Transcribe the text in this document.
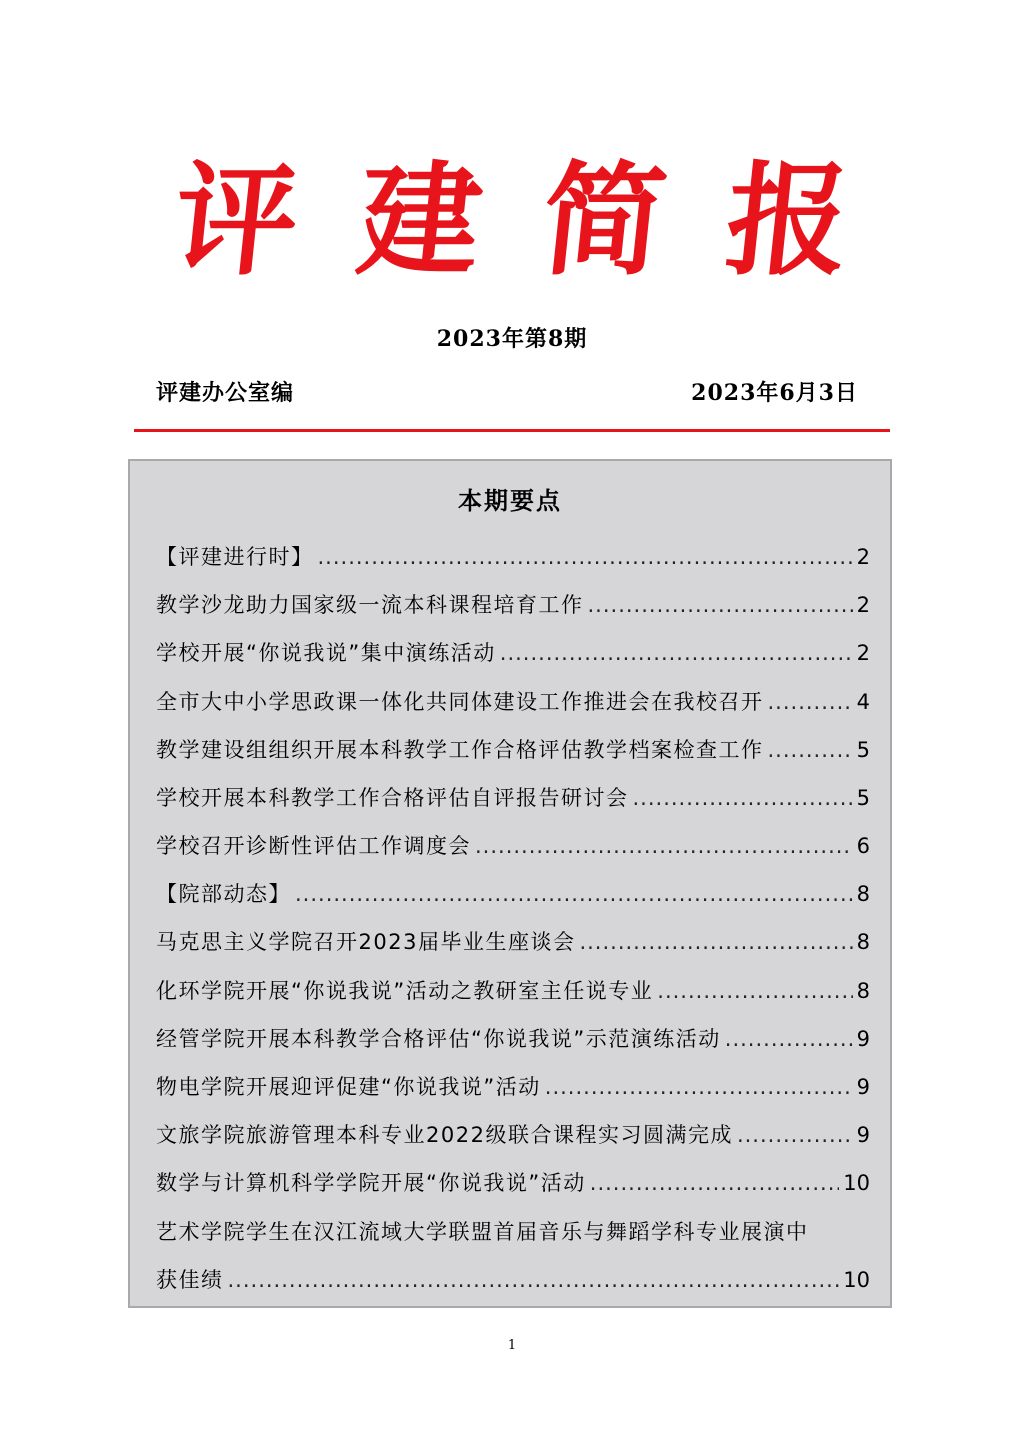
评 建 简 报
2023年第8期
评建办公室编	2023年6月3日
本期要点
【评建进行时】 .....	2
教学沙龙助力国家级一流本科课程培育工作 .....	2
学校开展“你说我说”集中演练活动 .....	2
全市大中小学思政课一体化共同体建设工作推进会在我校召开 .....	4
教学建设组组织开展本科教学工作合格评估教学档案检查工作 .....	5
学校开展本科教学工作合格评估自评报告研讨会 .....	5
学校召开诊断性评估工作调度会 .....	6
【院部动态】 .....	8
马克思主义学院召开2023届毕业生座谈会 .....	8
化环学院开展“你说我说”活动之教研室主任说专业 .....	8
经管学院开展本科教学合格评估“你说我说”示范演练活动 .....	9
物电学院开展迎评促建“你说我说”活动 .....	9
文旅学院旅游管理本科专业2022级联合课程实习圆满完成 .....	9
数学与计算机科学学院开展“你说我说”活动 .....	10
艺术学院学生在汉江流域大学联盟首届音乐与舞蹈学科专业展演中
获佳绩 .....	10
1
